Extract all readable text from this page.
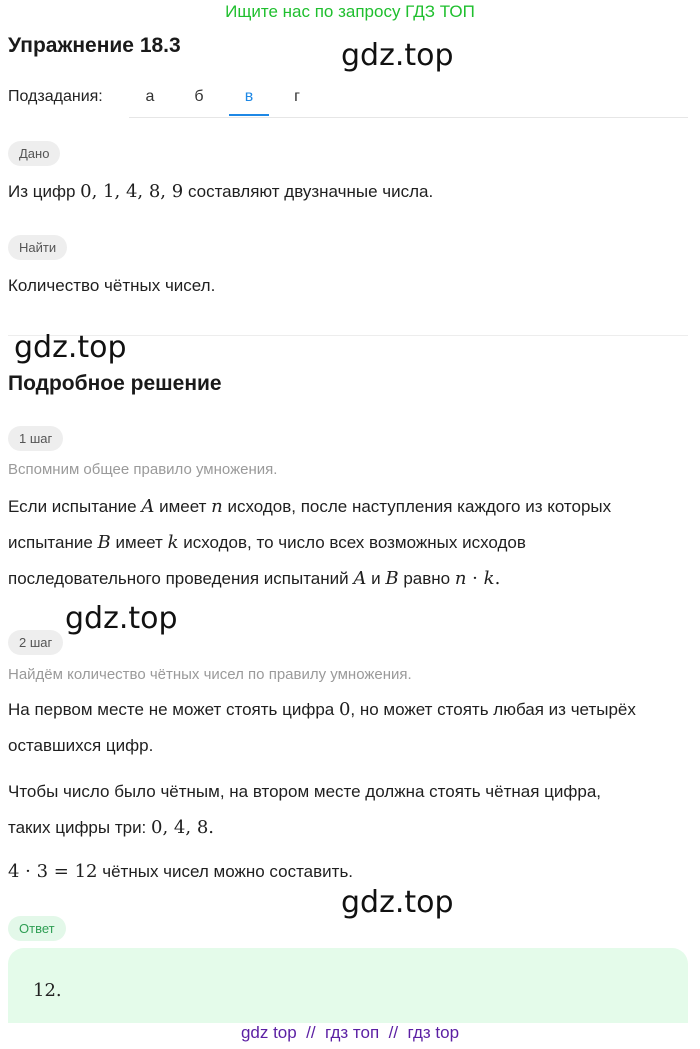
Ищите нас по запросу ГДЗ ТОП
Упражнение 18.3	gdz.top
Подзадания:	а	б	в	г
Дано
Из цифр 0, 1, 4, 8, 9 составляют двузначные числа.
Найти
Количество чётных чисел.
gdz.top
Подробное решение
1 шаг
Вспомним общее правило умножения.
Если испытание A имеет n исходов, после наступления каждого из которых
испытание B имеет k исходов, то число всех возможных исходов
последовательного проведения испытаний A и B равно n · k.
gdz.top
2 шаг
Найдём количество чётных чисел по правилу умножения.
На первом месте не может стоять цифра 0, но может стоять любая из четырёх
оставшихся цифр.
Чтобы число было чётным, на втором месте должна стоять чётная цифра,
таких цифры три: 0, 4, 8.
4 · 3 = 12 чётных чисел можно составить.
gdz.top
Ответ
12.
gdz top  //  гдз топ  //  гдз top
